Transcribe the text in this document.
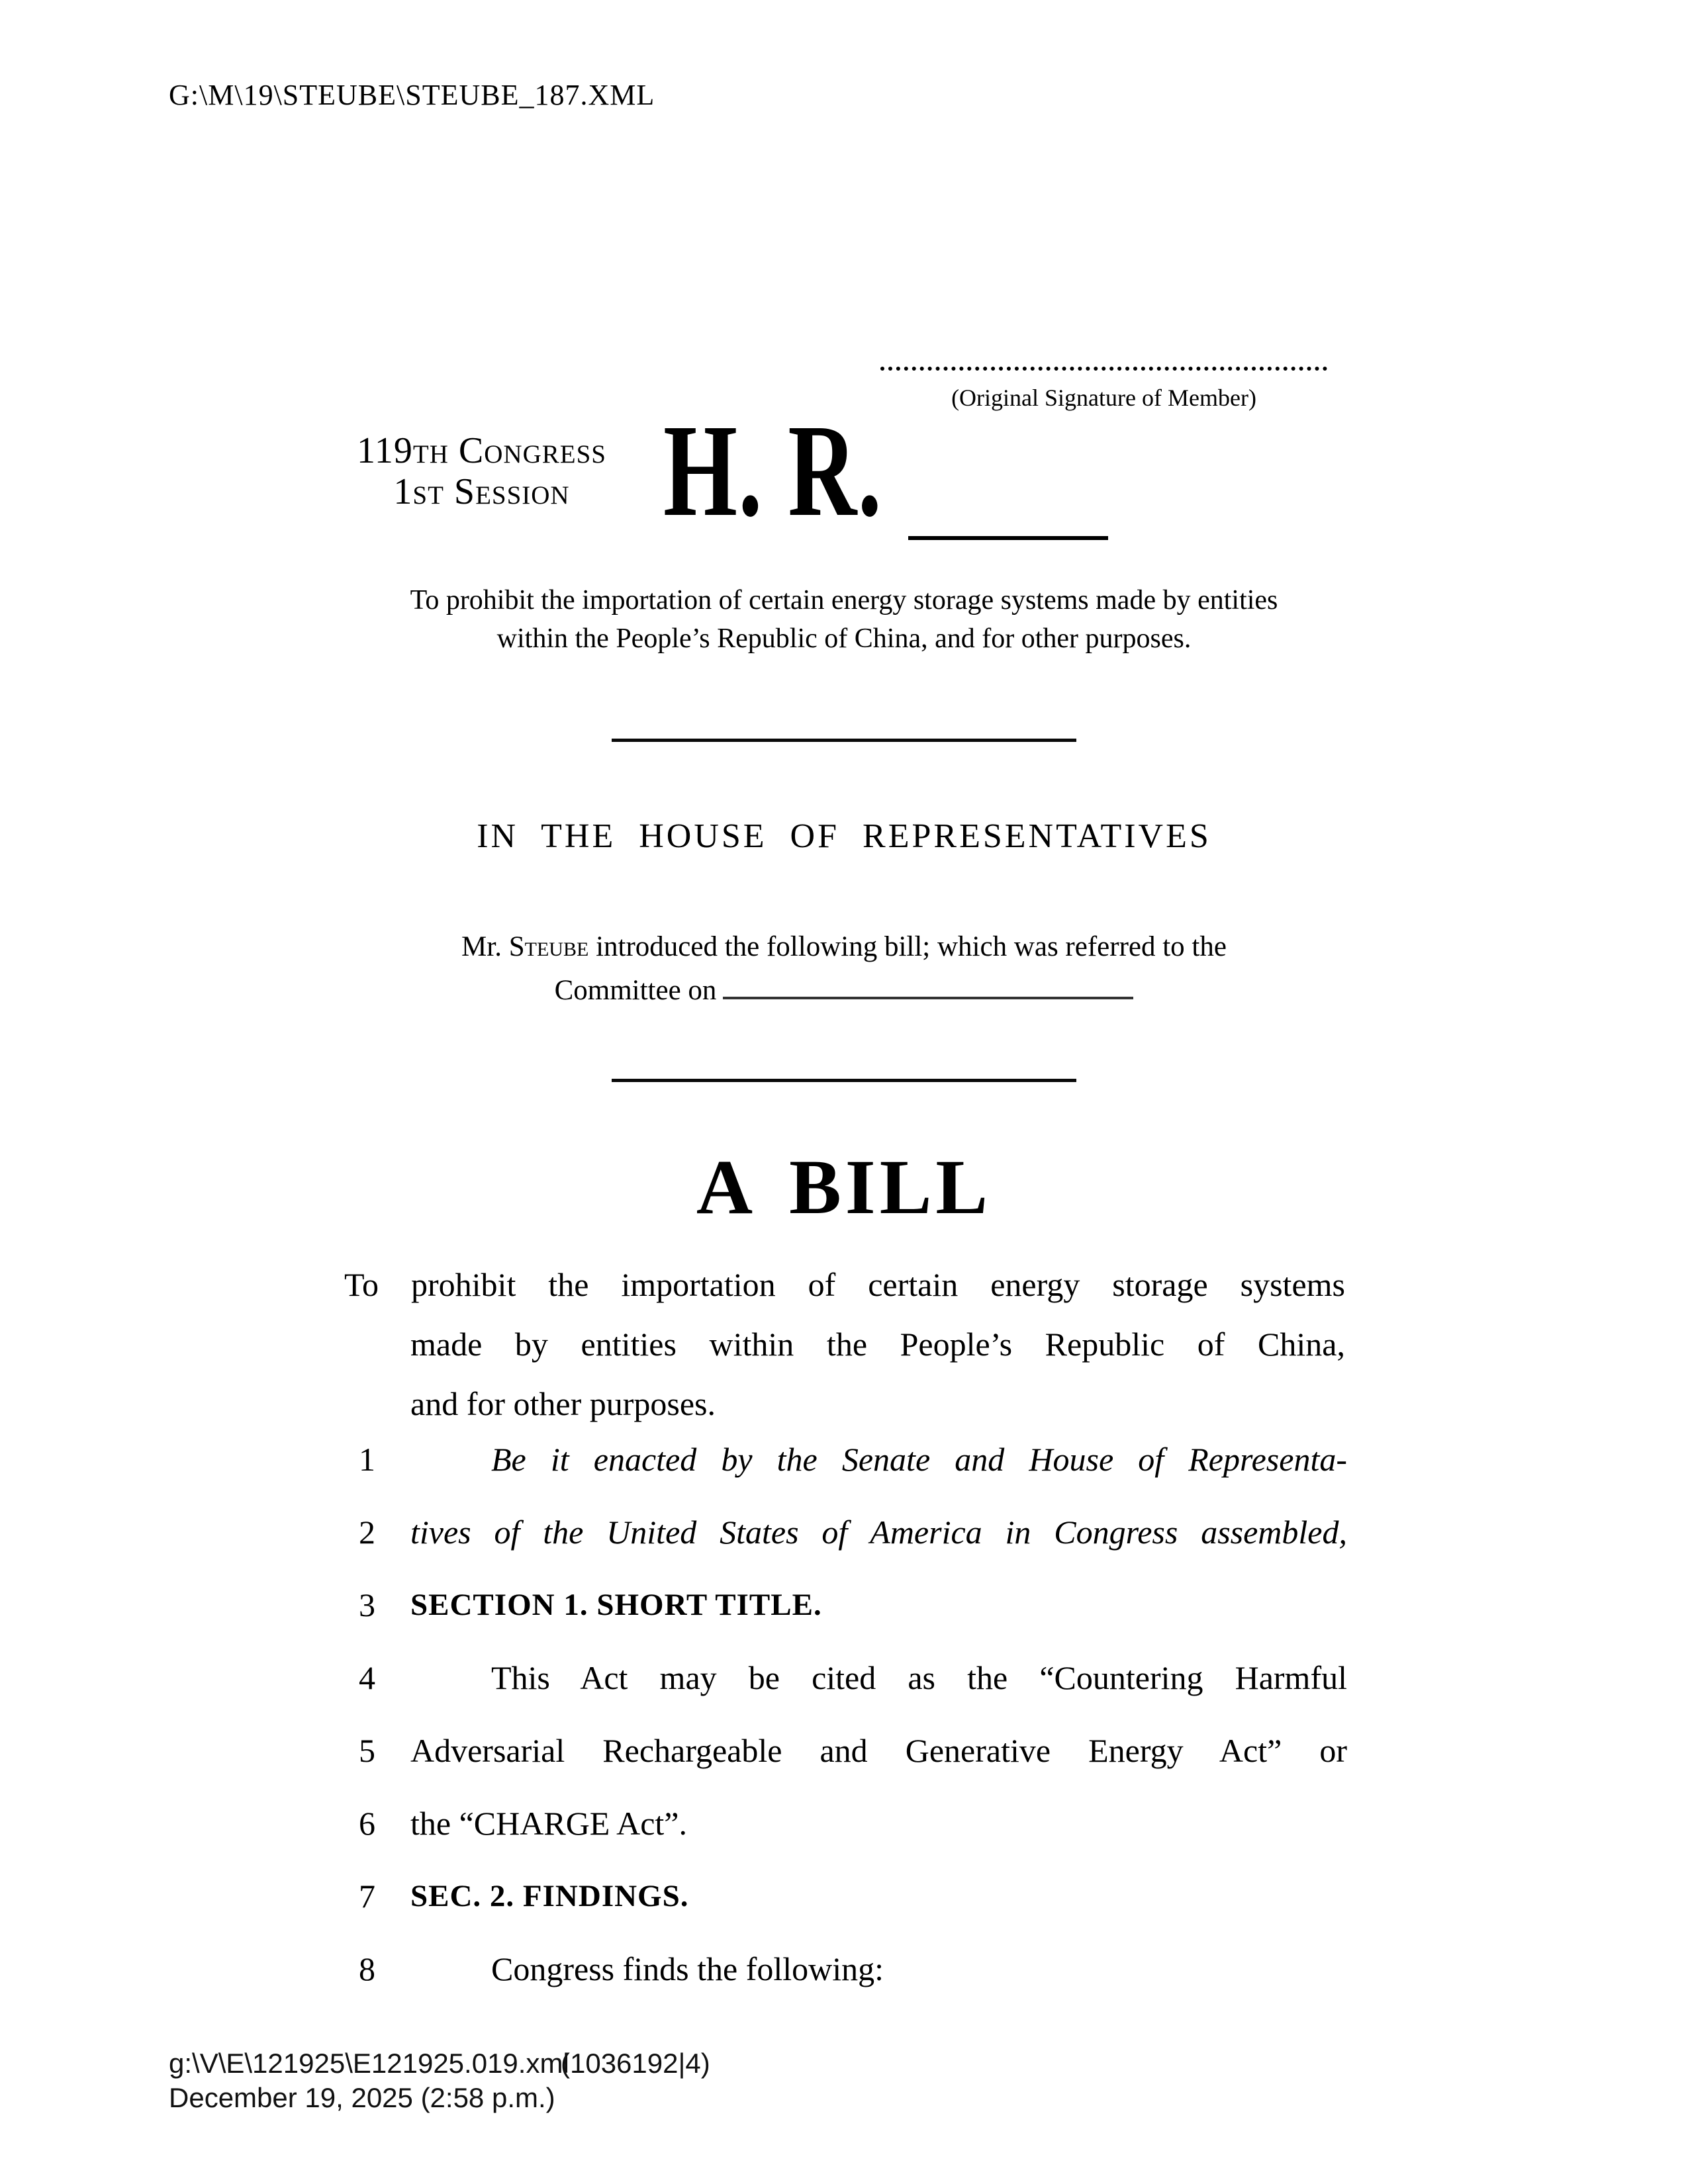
G:\M\19\STEUBE\STEUBE_187.XML
(Original Signature of Member)
119th Congress
1st Session H. R.
To prohibit the importation of certain energy storage systems made by entities
within the People’s Republic of China, and for other purposes.
IN THE HOUSE OF REPRESENTATIVES
Mr. Steube introduced the following bill; which was referred to the
Committee on
A BILL
To prohibit the importation of certain energy storage systems
made by entities within the People’s Republic of China,
and for other purposes.
1	Be it enacted by the Senate and House of Representa-
2	tives of the United States of America in Congress assembled,
3	SECTION 1. SHORT TITLE.
4	This Act may be cited as the “Countering Harmful
5	Adversarial Rechargeable and Generative Energy Act” or
6	the “CHARGE Act”.
7	SEC. 2. FINDINGS.
8	Congress finds the following:
g:\V\E\121925\E121925.019.xml
(1036192|4)
December 19, 2025 (2:58 p.m.)
